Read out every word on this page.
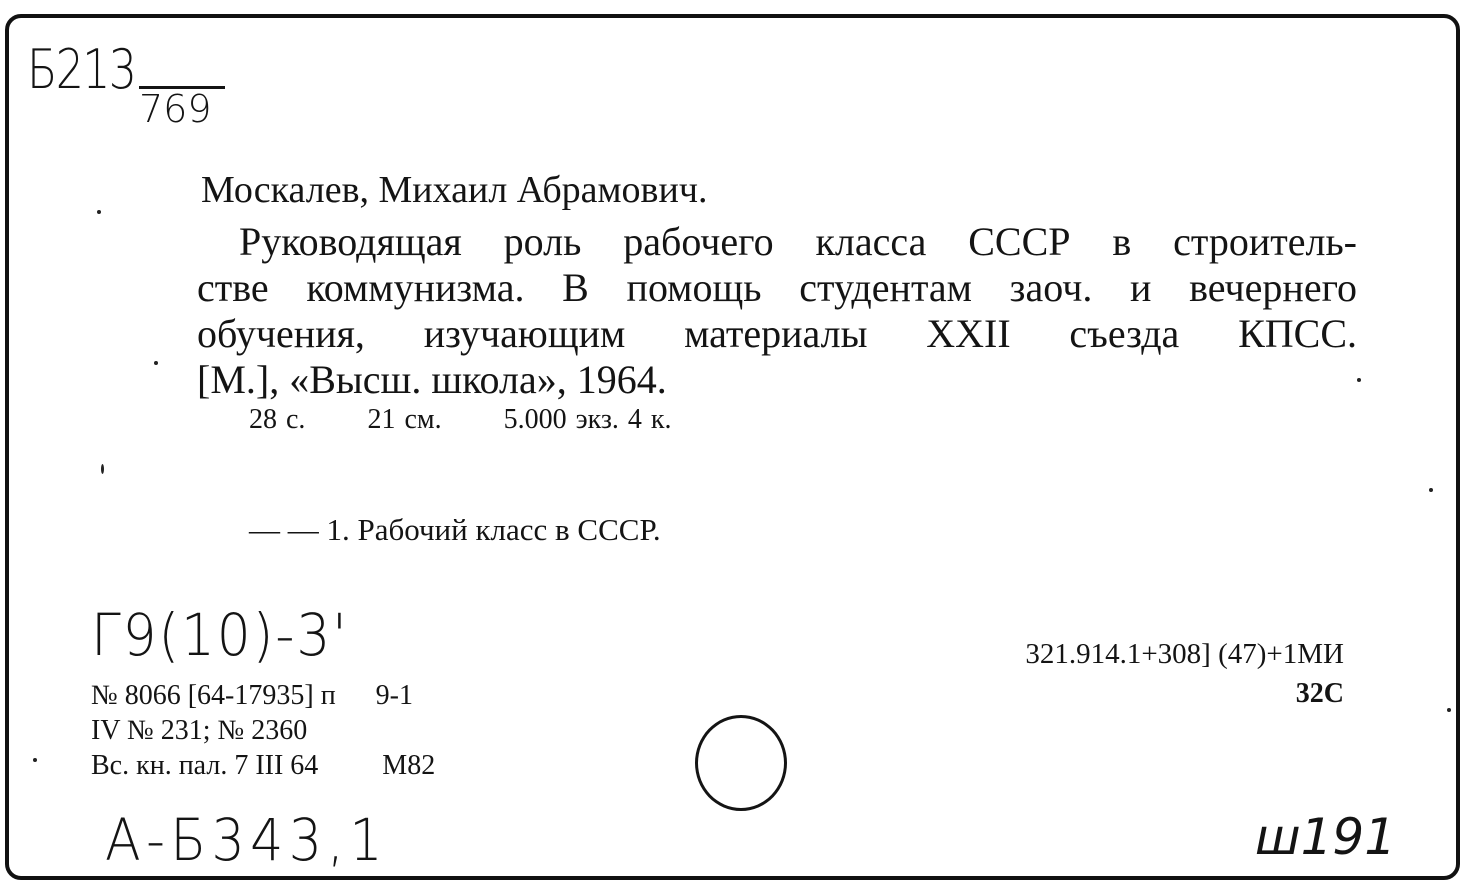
Б213
769
Москалев, Михаил Абрамович.
Руководящая роль рабочего класса СССР в строитель-
стве коммунизма. В помощь студентам заоч. и вечернего
обучения, изучающим материалы XXII съезда КПСС.
[М.], «Высш. школа», 1964.
28 с. 21 см. 5.000 экз. 4 к.
— — 1. Рабочий класс в СССР.
Г9(10)-3'	321.914.1+308] (47)+1МИ
32С
№ 8066 [64-17935] п 9-1
IV № 231; № 2360
Вс. кн. пал. 7 III 64 М82
А-Б343,1	ш191
